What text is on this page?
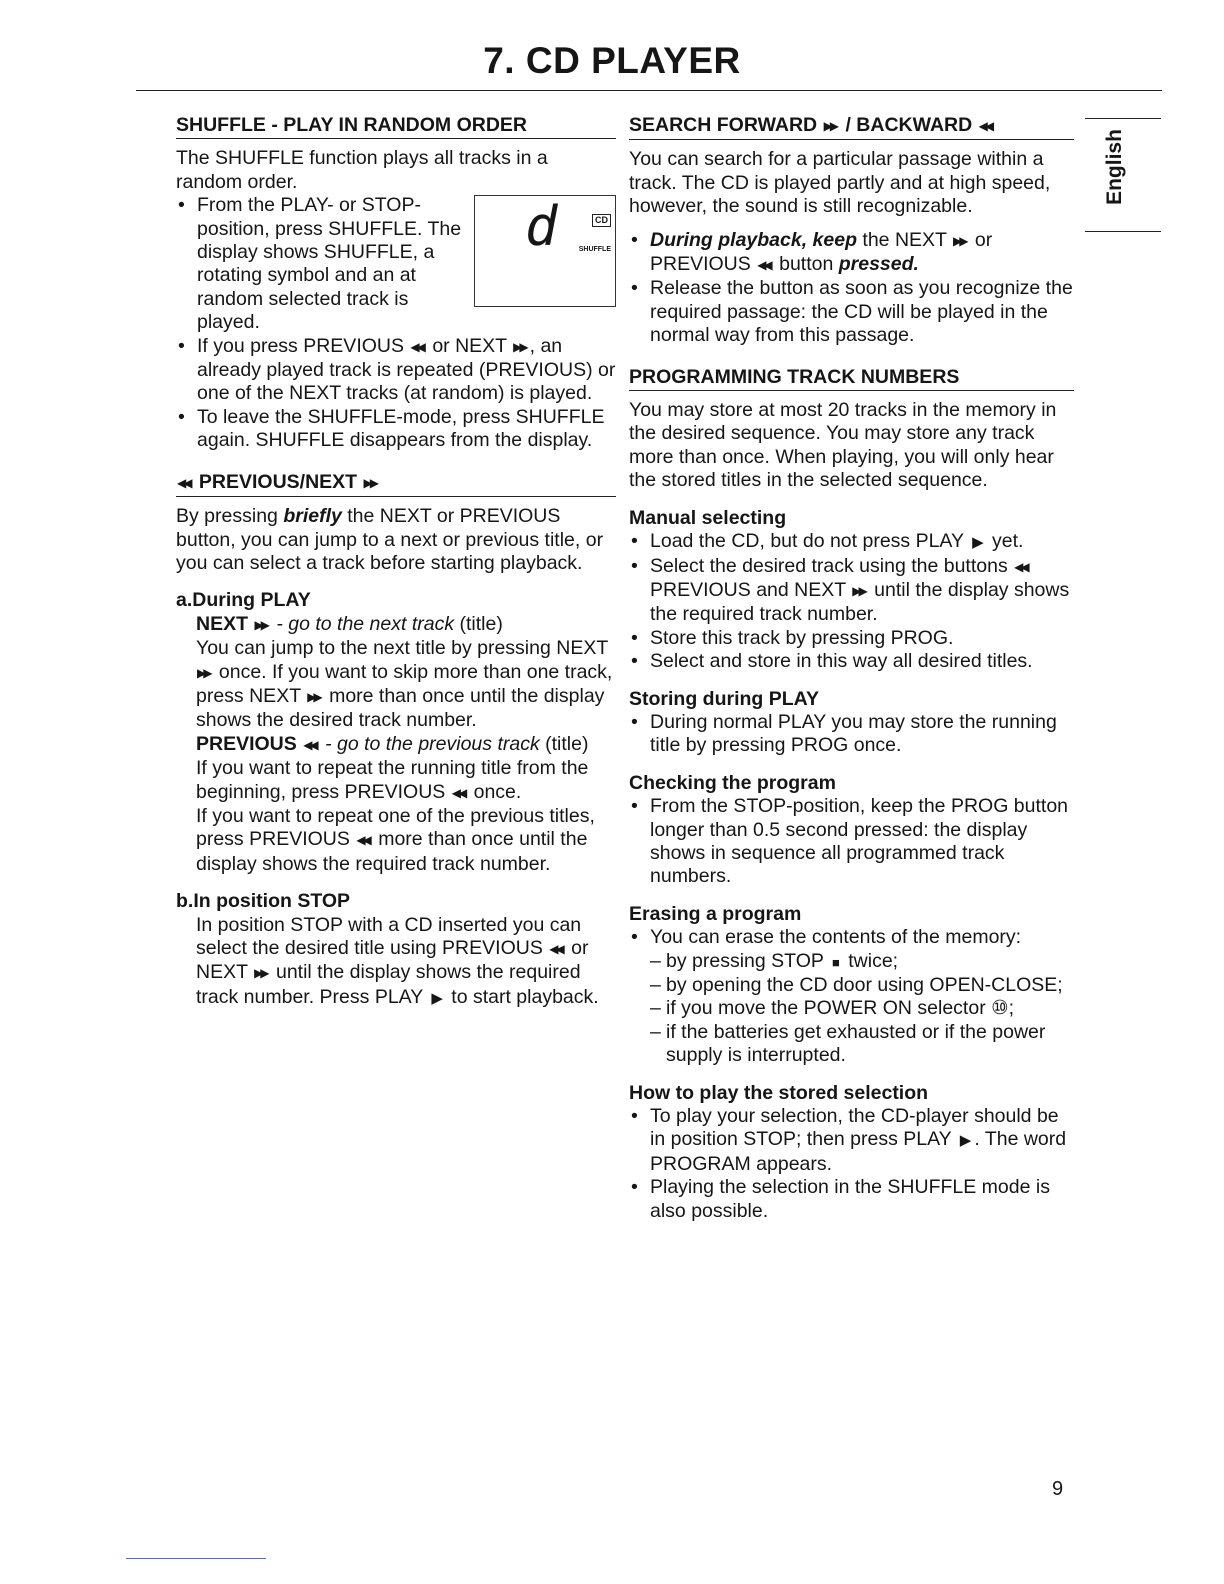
7. CD PLAYER
SHUFFLE - PLAY IN RANDOM ORDER

The SHUFFLE function plays all tracks in a random order.

• d	CD
SHUFFLE
From the PLAY- or STOP-position, press SHUFFLE. The display shows SHUFFLE, a rotating symbol and an at random selected track is played.
• If you press PREVIOUS ◀◀ or NEXT ▶▶ , an already played track is repeated (PREVIOUS) or one of the NEXT tracks (at random) is played.
• To leave the SHUFFLE-mode, press SHUFFLE again. SHUFFLE disappears from the display.
◀◀ PREVIOUS/NEXT ▶▶

By pressing briefly the NEXT or PREVIOUS button, you can jump to a next or previous title, or you can select a track before starting playback.

a.During PLAY
NEXT ▶▶ - go to the next track (title)

You can jump to the next title by pressing NEXT ▶▶ once. If you want to skip more than one track, press NEXT ▶▶ more than once until the display shows the desired track number.

PREVIOUS ◀◀ - go to the previous track (title)

If you want to repeat the running title from the beginning, press PREVIOUS ◀◀ once.

If you want to repeat one of the previous titles, press PREVIOUS ◀◀ more than once until the display shows the required track number.

b.In position STOP

In position STOP with a CD inserted you can select the desired title using PREVIOUS ◀◀ or NEXT ▶▶ until the display shows the required track number. Press PLAY ▶ to start playback.

SEARCH FORWARD ▶▶ / BACKWARD ◀◀

You can search for a particular passage within a track. The CD is played partly and at high speed, however, the sound is still recognizable.

• During playback, keep the NEXT ▶▶ or PREVIOUS ◀◀ button pressed.
• Release the button as soon as you recognize the required passage: the CD will be played in the normal way from this passage.
PROGRAMMING TRACK NUMBERS

You may store at most 20 tracks in the memory in the desired sequence. You may store any track more than once. When playing, you will only hear the stored titles in the selected sequence.

Manual selecting
• Load the CD, but do not press PLAY ▶ yet.
• Select the desired track using the buttons ◀◀ PREVIOUS and NEXT ▶▶ until the display shows the required track number.
• Store this track by pressing PROG.
• Select and store in this way all desired titles.
Storing during PLAY
• During normal PLAY you may store the running title by pressing PROG once.
Checking the program
• From the STOP-position, keep the PROG button longer than 0.5 second pressed: the display shows in sequence all programmed track numbers.
Erasing a program
• You can erase the contents of the memory:
– by pressing STOP ■ twice;
– by opening the CD door using OPEN-CLOSE;
– if you move the POWER ON selector ⑩;
– if the batteries get exhausted or if the power supply is interrupted.
How to play the stored selection
• To play your selection, the CD-player should be in position STOP; then press PLAY ▶ . The word PROGRAM appears.
• Playing the selection in the SHUFFLE mode is also possible.
English
9
